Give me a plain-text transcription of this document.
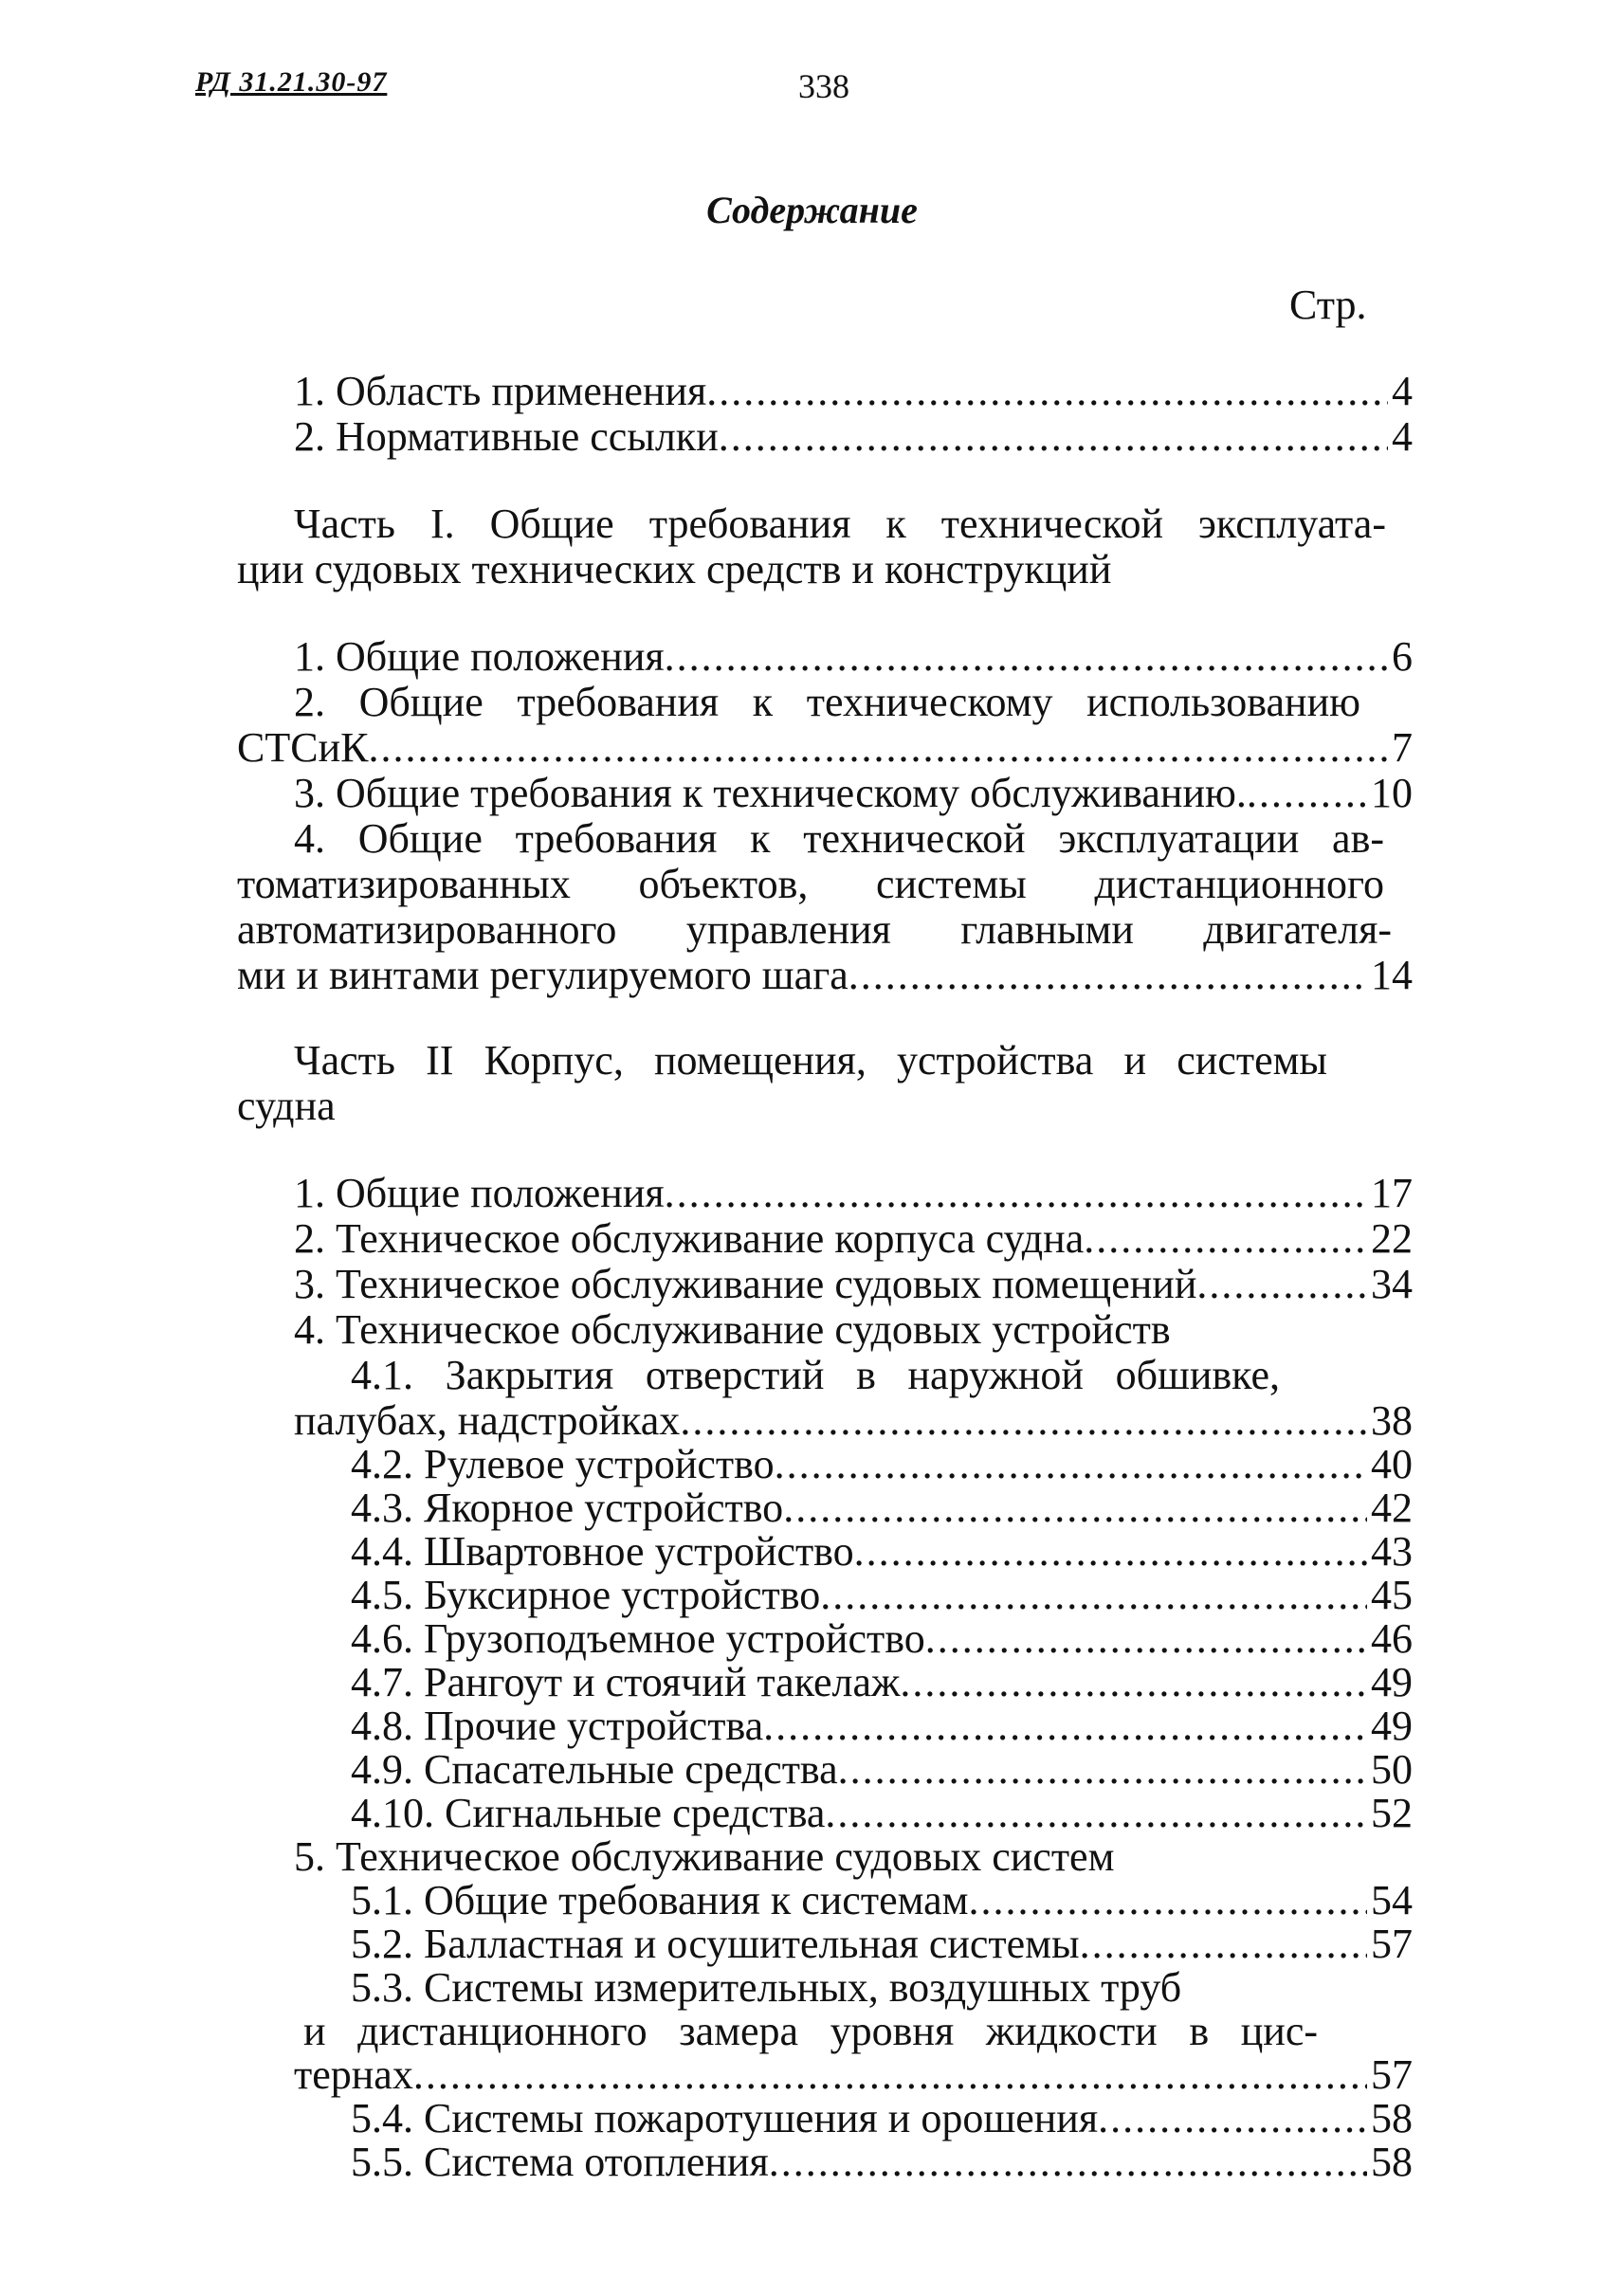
РД 31.21.30-97	338
Содержание
Стр.
1. Область применения .....	4
2. Нормативные ссылки .....	4
Часть I. Общие требования к технической эксплуата-
ции судовых технических средств и конструкций
1. Общие положения .....	6
2. Общие требования к техническому использованию
СТСиК .....	7
3. Общие требования к техническому обслуживанию. .....	10
4. Общие требования к технической эксплуатации ав-
томатизированных объектов, системы дистанционного
автоматизированного управления главными двигателя-
ми и винтами регулируемого шага .....	14
Часть II Корпус, помещения, устройства и системы
судна
1. Общие положения .....	17
2. Техническое обслуживание корпуса судна .....	22
3. Техническое обслуживание судовых помещений .....	34
4. Техническое обслуживание судовых устройств
4.1. Закрытия отверстий в наружной обшивке,
палубах, надстройках .....	38
4.2. Рулевое устройство .....	40
4.3. Якорное устройство .....	42
4.4. Швартовное устройство .....	43
4.5. Буксирное устройство .....	45
4.6. Грузоподъемное устройство .....	46
4.7. Рангоут и стоячий такелаж .....	49
4.8. Прочие устройства .....	49
4.9. Спасательные средства .....	50
4.10. Сигнальные средства .....	52
5. Техническое обслуживание судовых систем
5.1. Общие требования к системам .....	54
5.2. Балластная и осушительная системы .....	57
5.3. Системы измерительных, воздушных труб
и дистанционного замера уровня жидкости в цис-
тернах .....	57
5.4. Системы пожаротушения и орошения .....	58
5.5. Система отопления .....	58
